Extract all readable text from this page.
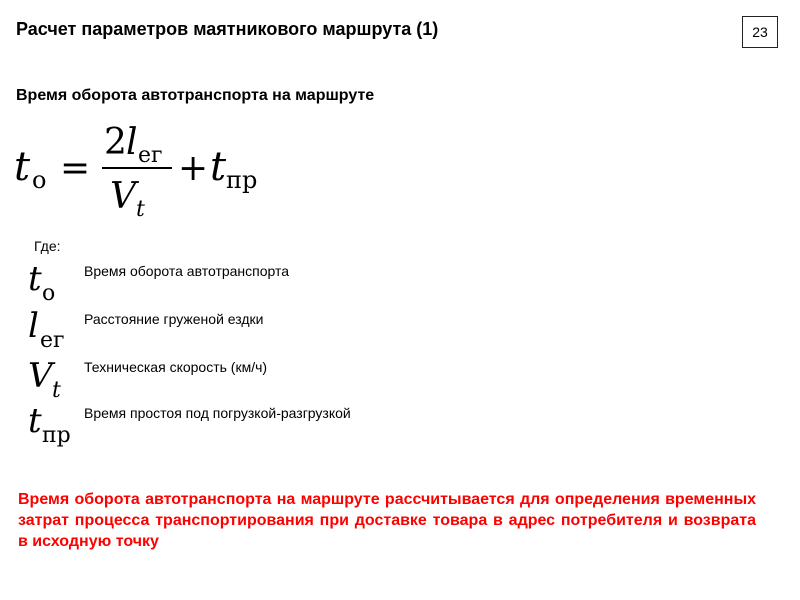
Расчет параметров маятникового маршрута (1)	23
Время оборота автотранспорта на маршруте
t о =
2 l ег
V t
+ t пр
Где:
t о
Время оборота автотранспорта
l ег
Расстояние груженой ездки
V t
Техническая скорость (км/ч)
t пр
Время простоя под погрузкой-разгрузкой
Время оборота автотранспорта на маршруте рассчитывается для определения временных затрат процесса транспортирования при доставке товара в адрес потребителя и возврата в исходную точку
